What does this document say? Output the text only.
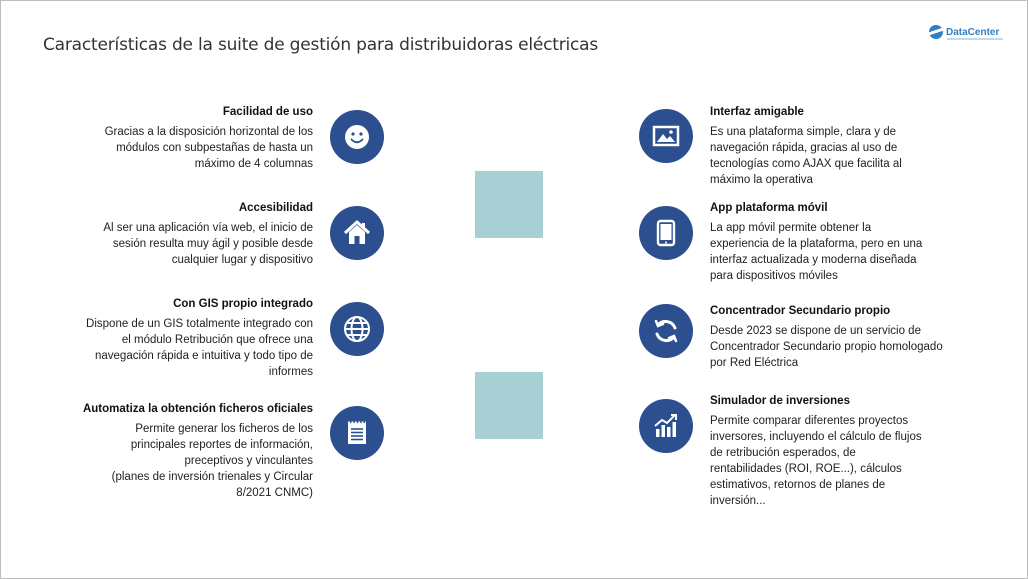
Características de la suite de gestión para distribuidoras eléctricas
DataCenter
Facilidad de uso

Gracias a la disposición horizontal de los
módulos con subpestañas de hasta un
máximo de 4 columnas

Accesibilidad

Al ser una aplicación vía web, el inicio de
sesión resulta muy ágil y posible desde
cualquier lugar y dispositivo

Con GIS propio integrado

Dispone de un GIS totalmente integrado con
el módulo Retribución que ofrece una
navegación rápida e intuitiva y todo tipo de
informes

Automatiza la obtención ficheros oficiales

Permite generar los ficheros de los
principales reportes de información,
preceptivos y vinculantes
(planes de inversión trienales y Circular
8/2021 CNMC)

Interfaz amigable

Es una plataforma simple, clara y de
navegación rápida, gracias al uso de
tecnologías como AJAX que facilita al
máximo la operativa

App plataforma móvil

La app móvil permite obtener la
experiencia de la plataforma, pero en una
interfaz actualizada y moderna diseñada
para dispositivos móviles

Concentrador Secundario propio

Desde 2023 se dispone de un servicio de
Concentrador Secundario propio homologado
por Red Eléctrica

Simulador de inversiones

Permite comparar diferentes proyectos
inversores, incluyendo el cálculo de flujos
de retribución esperados, de
rentabilidades (ROI, ROE...), cálculos
estimativos, retornos de planes de
inversión...
